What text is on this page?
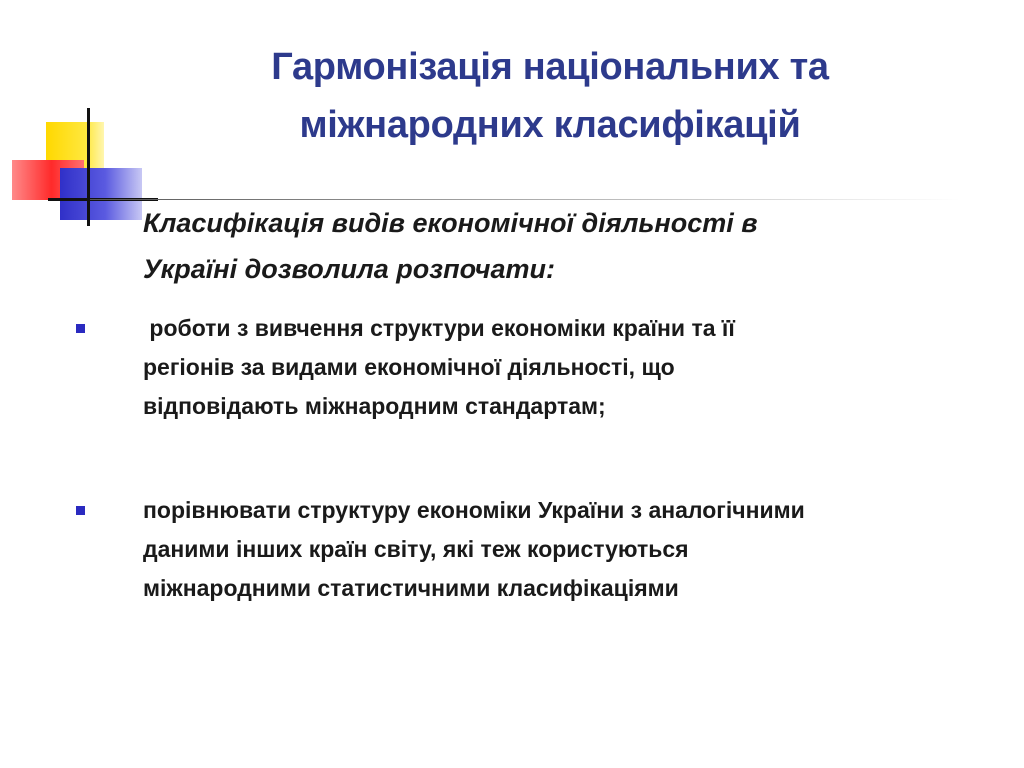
Гармонізація національних та
міжнародних класифікацій
Класифікація видів економічної діяльності в
Україні дозволила розпочати:
роботи з вивчення структури економіки країни та її
регіонів за видами економічної діяльності, що
відповідають міжнародним стандартам;
порівнювати структуру економіки України з аналогічними
даними інших країн світу, які теж користуються
міжнародними статистичними класифікаціями
